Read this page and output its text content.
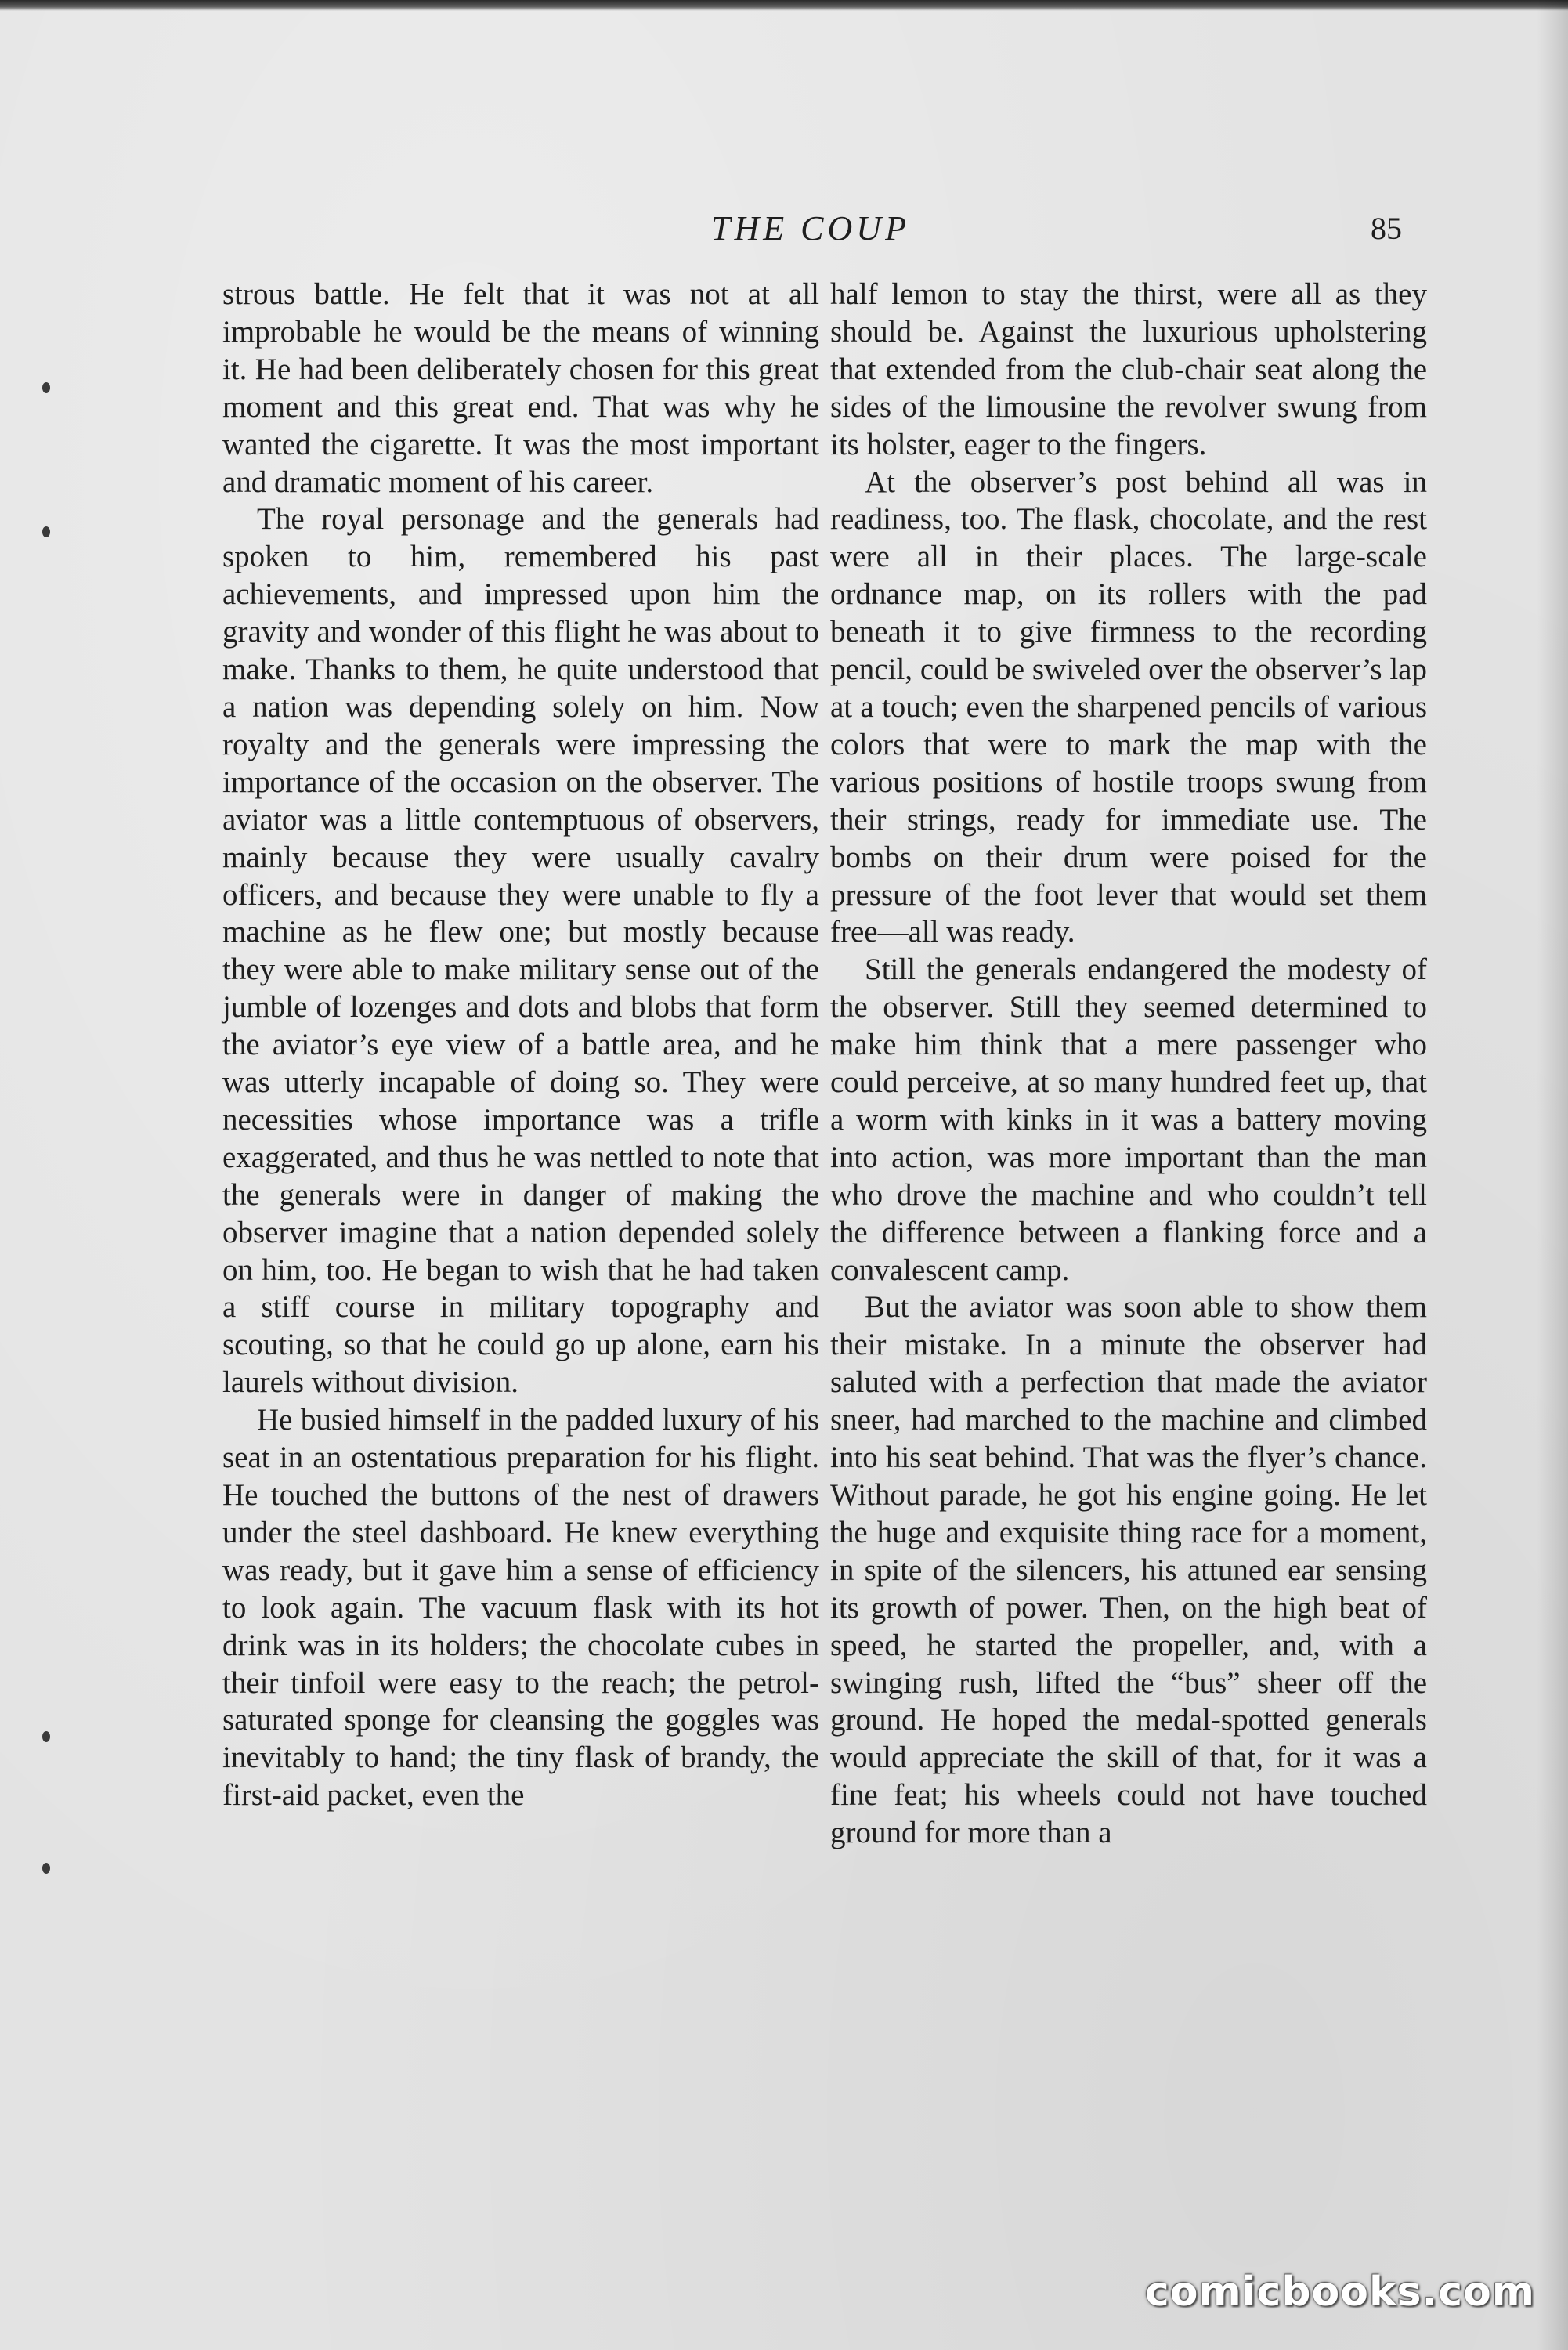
THE COUP	85

strous battle. He felt that it was not at all improbable he would be the means of winning it. He had been deliberately chosen for this great moment and this great end. That was why he wanted the cigarette. It was the most important and dramatic moment of his career.

The royal personage and the generals had spoken to him, remembered his past achievements, and impressed upon him the gravity and wonder of this flight he was about to make. Thanks to them, he quite understood that a nation was depending solely on him. Now royalty and the generals were impressing the importance of the occasion on the observer. The aviator was a little contemptuous of observers, mainly because they were usually cavalry officers, and because they were unable to fly a machine as he flew one; but mostly because they were able to make military sense out of the jumble of lozenges and dots and blobs that form the aviator’s eye view of a battle area, and he was utterly incapable of doing so. They were necessities whose importance was a trifle exaggerated, and thus he was nettled to note that the generals were in danger of making the observer imagine that a nation depended solely on him, too. He began to wish that he had taken a stiff course in military topography and scouting, so that he could go up alone, earn his laurels without division.

He busied himself in the padded luxury of his seat in an ostentatious preparation for his flight. He touched the buttons of the nest of drawers under the steel dashboard. He knew everything was ready, but it gave him a sense of efficiency to look again. The vacuum flask with its hot drink was in its holders; the chocolate cubes in their tinfoil were easy to the reach; the petrol-saturated sponge for cleansing the goggles was inevitably to hand; the tiny flask of brandy, the first-aid packet, even the

half lemon to stay the thirst, were all as they should be. Against the luxurious upholstering that extended from the club-chair seat along the sides of the limousine the revolver swung from its holster, eager to the fingers.

At the observer’s post behind all was in readiness, too. The flask, chocolate, and the rest were all in their places. The large-scale ordnance map, on its rollers with the pad beneath it to give firmness to the recording pencil, could be swiveled over the observer’s lap at a touch; even the sharpened pencils of various colors that were to mark the map with the various positions of hostile troops swung from their strings, ready for immediate use. The bombs on their drum were poised for the pressure of the foot lever that would set them free—all was ready.

Still the generals endangered the modesty of the observer. Still they seemed determined to make him think that a mere passenger who could perceive, at so many hundred feet up, that a worm with kinks in it was a battery moving into action, was more important than the man who drove the machine and who couldn’t tell the difference between a flanking force and a convalescent camp.

But the aviator was soon able to show them their mistake. In a minute the observer had saluted with a perfection that made the aviator sneer, had marched to the machine and climbed into his seat behind. That was the flyer’s chance. Without parade, he got his engine going. He let the huge and exquisite thing race for a moment, in spite of the silencers, his attuned ear sensing its growth of power. Then, on the high beat of speed, he started the propeller, and, with a swinging rush, lifted the “bus” sheer off the ground. He hoped the medal-spotted generals would appreciate the skill of that, for it was a fine feat; his wheels could not have touched ground for more than a

comicbooks.com
